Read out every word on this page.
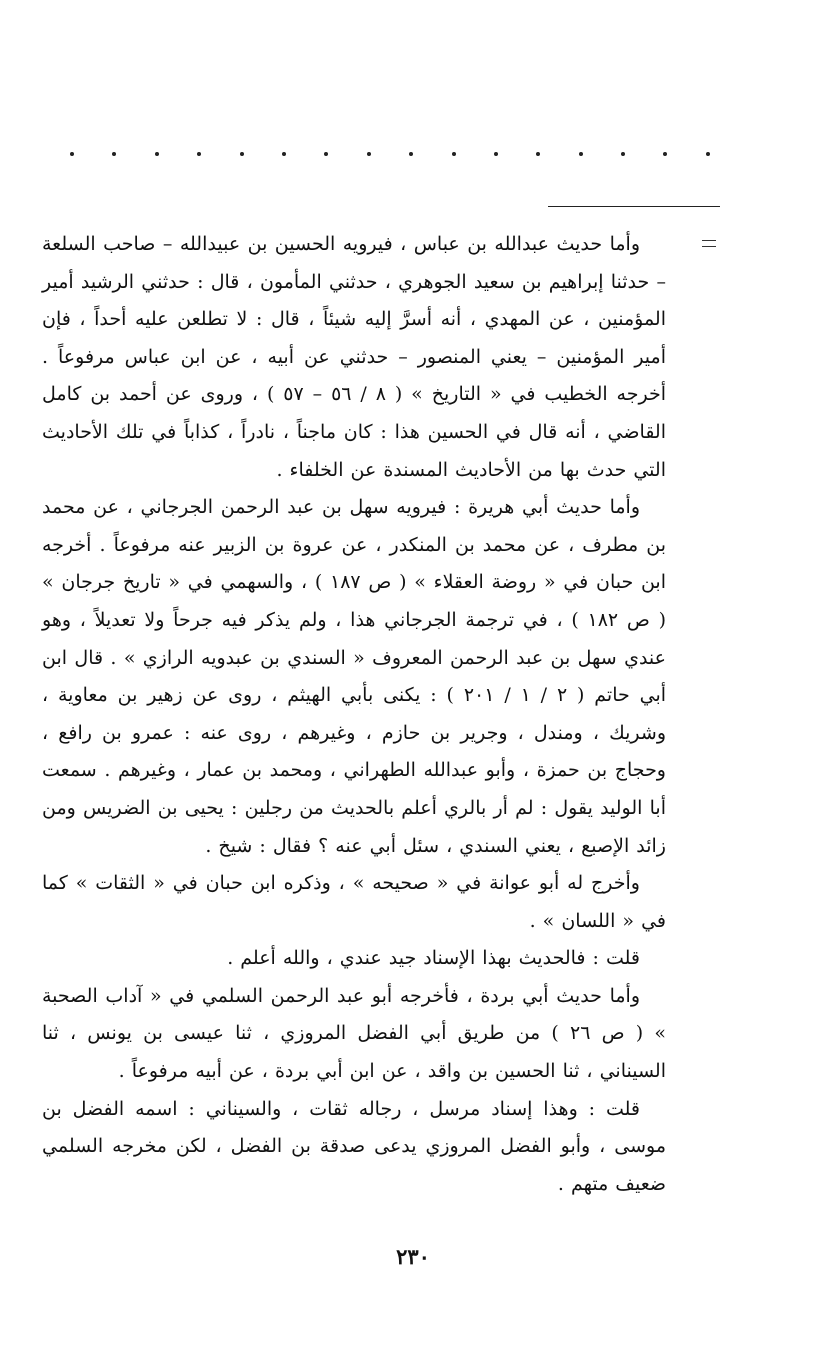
وأما حديث عبدالله بن عباس ، فيرويه الحسين بن عبيدالله – صاحب السلعة – حدثنا إبراهيم بن سعيد الجوهري ، حدثني المأمون ، قال : حدثني الرشيد أمير المؤمنين ، عن المهدي ، أنه أسرَّ إليه شيئاً ، قال : لا تطلعن عليه أحداً ، فإن أمير المؤمنين – يعني المنصور – حدثني عن أبيه ، عن ابن عباس مرفوعاً . أخرجه الخطيب في « التاريخ » ( ٨ / ٥٦ – ٥٧ ) ، وروى عن أحمد بن كامل القاضي ، أنه قال في الحسين هذا : كان ماجناً ، نادراً ، كذاباً في تلك الأحاديث التي حدث بها من الأحاديث المسندة عن الخلفاء .

وأما حديث أبي هريرة : فيرويه سهل بن عبد الرحمن الجرجاني ، عن محمد بن مطرف ، عن محمد بن المنكدر ، عن عروة بن الزبير عنه مرفوعاً . أخرجه ابن حبان في « روضة العقلاء » ( ص ١٨٧ ) ، والسهمي في « تاريخ جرجان » ( ص ١٨٢ ) ، في ترجمة الجرجاني هذا ، ولم يذكر فيه جرحاً ولا تعديلاً ، وهو عندي سهل بن عبد الرحمن المعروف « السندي بن عبدويه الرازي » . قال ابن أبي حاتم ( ٢ / ١ / ٢٠١ ) : يكنى بأبي الهيثم ، روى عن زهير بن معاوية ، وشريك ، ومندل ، وجرير بن حازم ، وغيرهم ، روى عنه : عمرو بن رافع ، وحجاج بن حمزة ، وأبو عبدالله الطهراني ، ومحمد بن عمار ، وغيرهم . سمعت أبا الوليد يقول : لم أر بالري أعلم بالحديث من رجلين : يحيى بن الضريس ومن زائد الإصبع ، يعني السندي ، سئل أبي عنه ؟ فقال : شيخ .

وأخرج له أبو عوانة في « صحيحه » ، وذكره ابن حبان في « الثقات » كما في « اللسان » .

قلت : فالحديث بهذا الإسناد جيد عندي ، والله أعلم .

وأما حديث أبي بردة ، فأخرجه أبو عبد الرحمن السلمي في « آداب الصحبة » ( ص ٢٦ ) من طريق أبي الفضل المروزي ، ثنا عيسى بن يونس ، ثنا السيناني ، ثنا الحسين بن واقد ، عن ابن أبي بردة ، عن أبيه مرفوعاً .

قلت : وهذا إسناد مرسل ، رجاله ثقات ، والسيناني : اسمه الفضل بن موسى ، وأبو الفضل المروزي يدعى صدقة بن الفضل ، لكن مخرجه السلمي ضعيف متهم .

٢٣٠
